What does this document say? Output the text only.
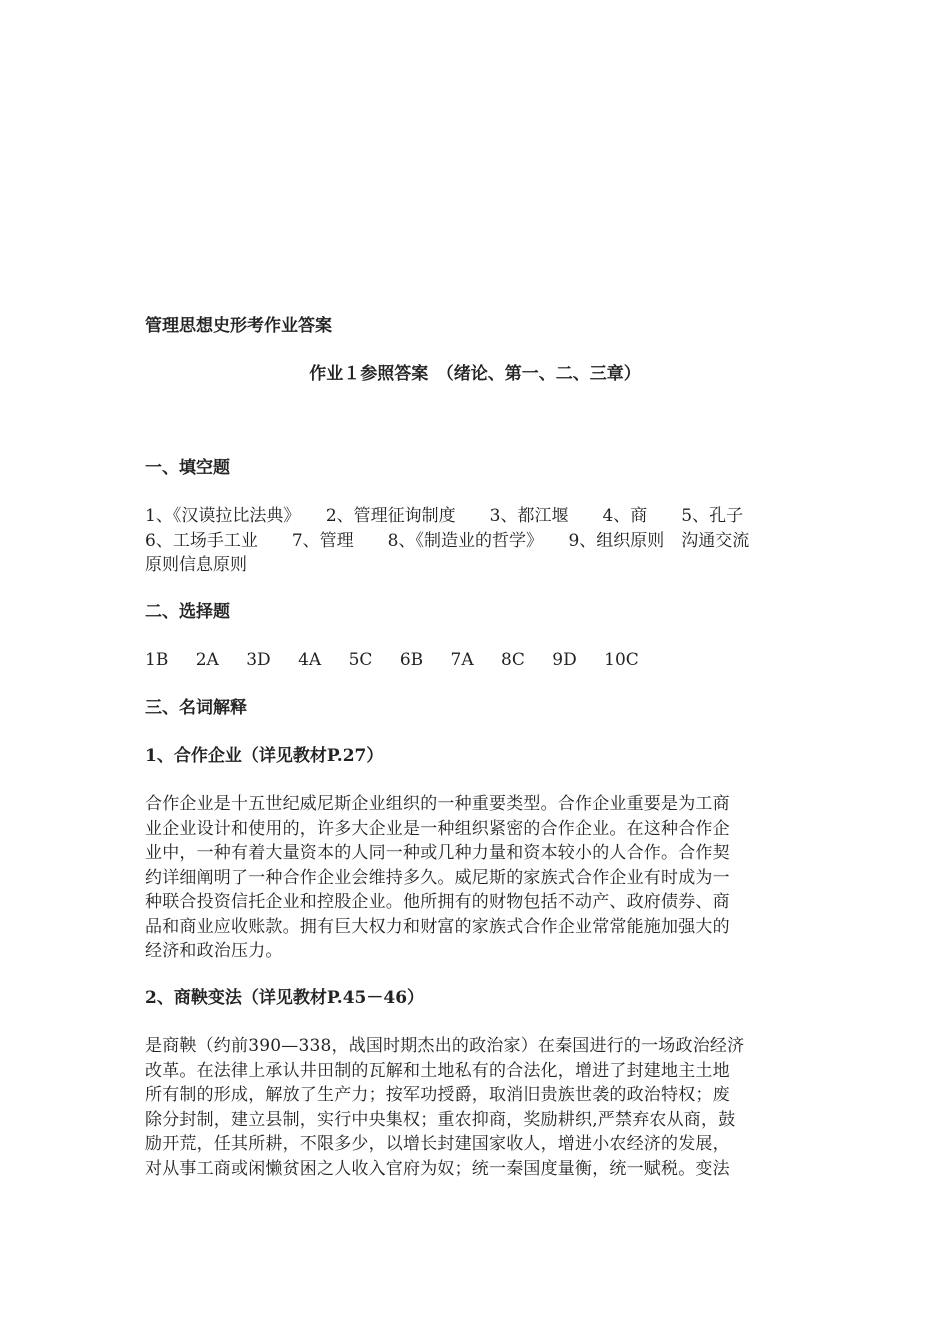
管理思想史形考作业答案
作业１参照答案　（绪论、第一、二、三章）
一、填空题
1、《汉谟拉比法典》　　2、管理征询制度　　3、都江堰　　4、商　　5、孔子
6、工场手工业　　7、管理　　8、《制造业的哲学》　　9、组织原则　沟通交流
原则信息原则
二、选择题
1B 2A 3D 4A 5C 6B 7A 8C 9D 10C
三、名词解释
1、合作企业（详见教材P.27）
合作企业是十五世纪威尼斯企业组织的一种重要类型。合作企业重要是为工商
业企业设计和使用的，许多大企业是一种组织紧密的合作企业。在这种合作企
业中，一种有着大量资本的人同一种或几种力量和资本较小的人合作。合作契
约详细阐明了一种合作企业会维持多久。威尼斯的家族式合作企业有时成为一
种联合投资信托企业和控股企业。他所拥有的财物包括不动产、政府债券、商
品和商业应收账款。拥有巨大权力和财富的家族式合作企业常常能施加强大的
经济和政治压力。
2、商鞅变法（详见教材P.45－46）
是商鞅（约前390—338，战国时期杰出的政治家）在秦国进行的一场政治经济
改革。在法律上承认井田制的瓦解和土地私有的合法化，增进了封建地主土地
所有制的形成，解放了生产力；按军功授爵，取消旧贵族世袭的政治特权；废
除分封制，建立县制，实行中央集权；重农抑商，奖励耕织,严禁弃农从商，鼓
励开荒，任其所耕，不限多少，以增长封建国家收人，增进小农经济的发展，
对从事工商或闲懒贫困之人收入官府为奴；统一秦国度量衡，统一赋税。变法
